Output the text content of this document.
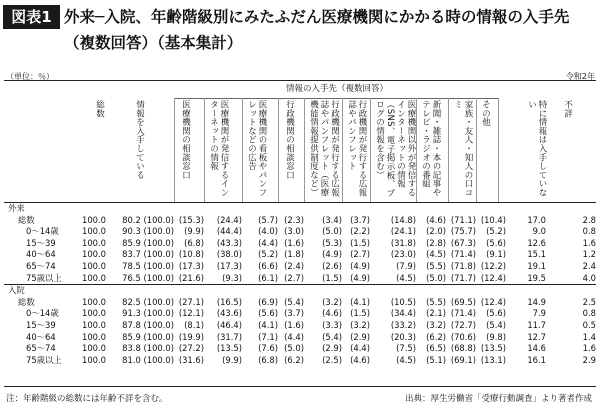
図表1 外来─入院、年齢階級別にみたふだん医療機関にかかる時の情報の入手先（複数回答）（基本集計）
（単位：％）	令和2年
情報の入手先（複数回答）
総数	情報を入手している	医療機関の相談窓口	医療機関が発信するインターネットの情報	医療機関の看板やパンフレットなどの広告	行政機関の相談窓口	行政機関が発行する広報誌やパンフレット（医療機能情報提供制度など）	行政機関が発行する広報誌やパンフレット	医療機関以外が発信するインターネットの情報（SNS、電子掲示板、ブログの情報を含む）	新聞・雑誌・本の記事やテレビ・ラジオの番組	家族・友人・知人の口コミ	その他	特に情報は入手していない	不詳
外来														
総数	100.0	80.2 (100.0)	(15.3)	(24.4)	(5.7)	(2.3)	(3.4)	(3.7)	(14.8)	(4.6)	(71.1)	(10.4)	17.0	2.8
0～14歳	100.0	90.3 (100.0)	(9.9)	(44.4)	(4.0)	(3.0)	(5.0)	(2.2)	(24.1)	(2.0)	(75.7)	(5.2)	9.0	0.8
15～39	100.0	85.9 (100.0)	(6.8)	(43.3)	(4.4)	(1.6)	(5.3)	(1.5)	(31.8)	(2.8)	(67.3)	(5.6)	12.6	1.6
40～64	100.0	83.7 (100.0)	(10.8)	(38.0)	(5.2)	(1.8)	(4.9)	(2.7)	(23.0)	(4.5)	(71.4)	(9.1)	15.1	1.2
65～74	100.0	78.5 (100.0)	(17.3)	(17.3)	(6.6)	(2.4)	(2.6)	(4.9)	(7.9)	(5.5)	(71.8)	(12.2)	19.1	2.4
75歳以上	100.0	76.5 (100.0)	(21.6)	(9.3)	(6.1)	(2.7)	(1.5)	(4.9)	(4.5)	(5.0)	(71.7)	(12.4)	19.5	4.0
入院														
総数	100.0	82.5 (100.0)	(27.1)	(16.5)	(6.9)	(5.4)	(3.2)	(4.1)	(10.5)	(5.5)	(69.5)	(12.4)	14.9	2.5
0～14歳	100.0	91.3 (100.0)	(12.1)	(43.6)	(5.6)	(3.7)	(4.6)	(1.5)	(34.4)	(2.1)	(71.4)	(5.6)	7.9	0.8
15～39	100.0	87.8 (100.0)	(8.1)	(46.4)	(4.1)	(1.6)	(3.3)	(3.2)	(33.2)	(3.2)	(72.7)	(5.4)	11.7	0.5
40～64	100.0	85.9 (100.0)	(19.9)	(31.7)	(7.1)	(4.4)	(5.4)	(2.9)	(20.3)	(6.2)	(70.6)	(9.8)	12.7	1.4
65～74	100.0	83.8 (100.0)	(27.2)	(13.5)	(7.6)	(5.0)	(2.9)	(4.4)	(7.5)	(6.5)	(68.8)	(13.5)	14.6	1.6
75歳以上	100.0	81.0 (100.0)	(31.6)	(9.9)	(6.8)	(6.2)	(2.5)	(4.6)	(4.5)	(5.1)	(69.1)	(13.1)	16.1	2.9
注：年齢階級の総数には年齢不詳を含む。	出典：厚生労働省「受療行動調査」より著者作成
